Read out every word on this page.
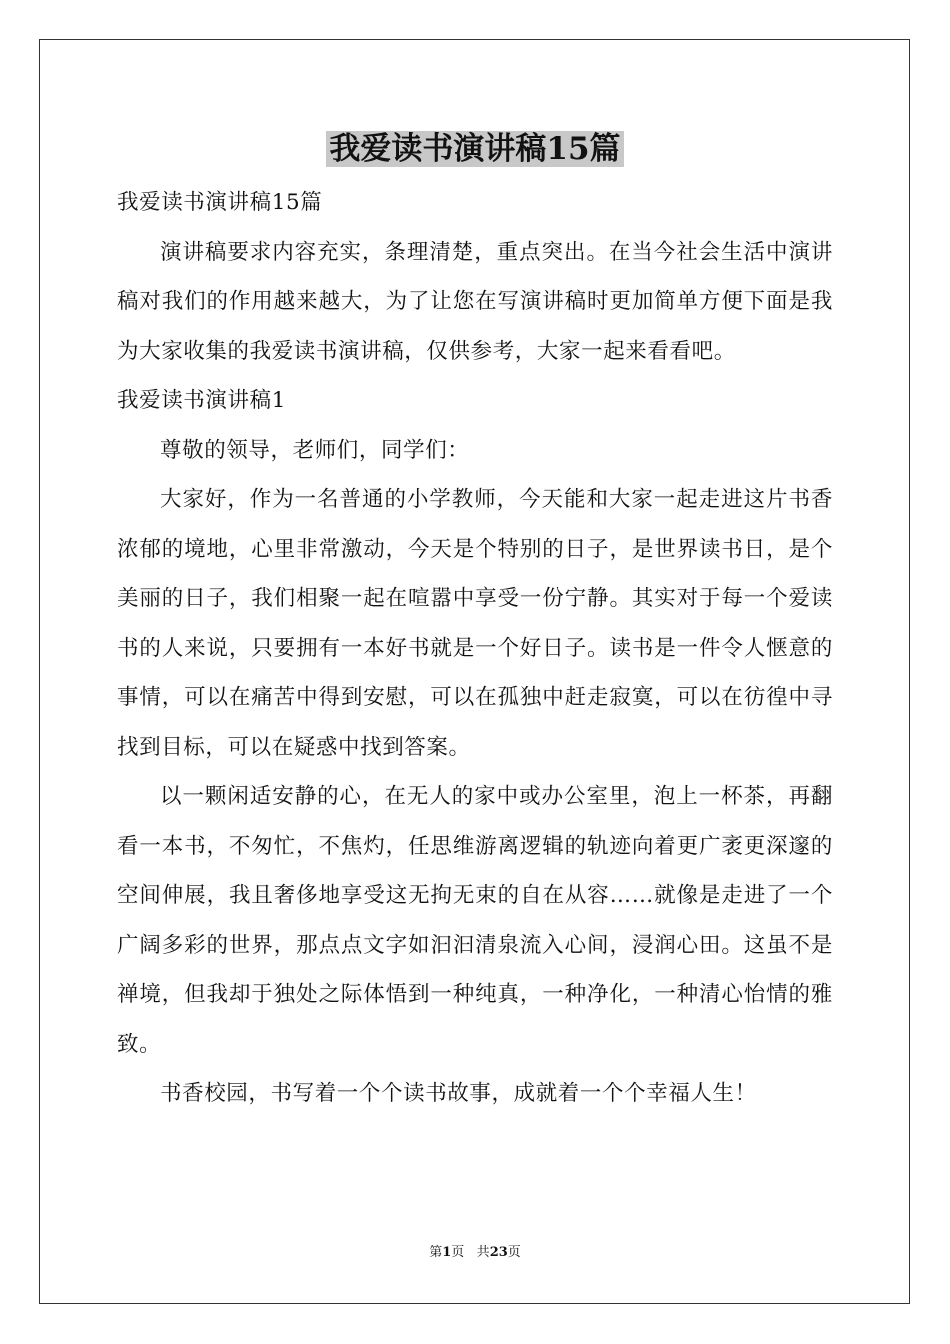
我爱读书演讲稿15篇

我爱读书演讲稿15篇

演讲稿要求内容充实，条理清楚，重点突出。在当今社会生活中演讲稿对我们的作用越来越大，为了让您在写演讲稿时更加简单方便下面是我为大家收集的我爱读书演讲稿，仅供参考，大家一起来看看吧。

我爱读书演讲稿1

尊敬的领导，老师们，同学们：

大家好，作为一名普通的小学教师，今天能和大家一起走进这片书香浓郁的境地，心里非常激动，今天是个特别的日子，是世界读书日，是个美丽的日子，我们相聚一起在喧嚣中享受一份宁静。其实对于每一个爱读书的人来说，只要拥有一本好书就是一个好日子。读书是一件令人惬意的事情，可以在痛苦中得到安慰，可以在孤独中赶走寂寞，可以在彷徨中寻找到目标，可以在疑惑中找到答案。

以一颗闲适安静的心，在无人的家中或办公室里，泡上一杯茶，再翻看一本书，不匆忙，不焦灼，任思维游离逻辑的轨迹向着更广袤更深邃的空间伸展，我且奢侈地享受这无拘无束的自在从容……就像是走进了一个广阔多彩的世界，那点点文字如汩汩清泉流入心间，浸润心田。这虽不是禅境，但我却于独处之际体悟到一种纯真，一种净化，一种清心怡情的雅致。

书香校园，书写着一个个读书故事，成就着一个个幸福人生！

第1页 共23页
